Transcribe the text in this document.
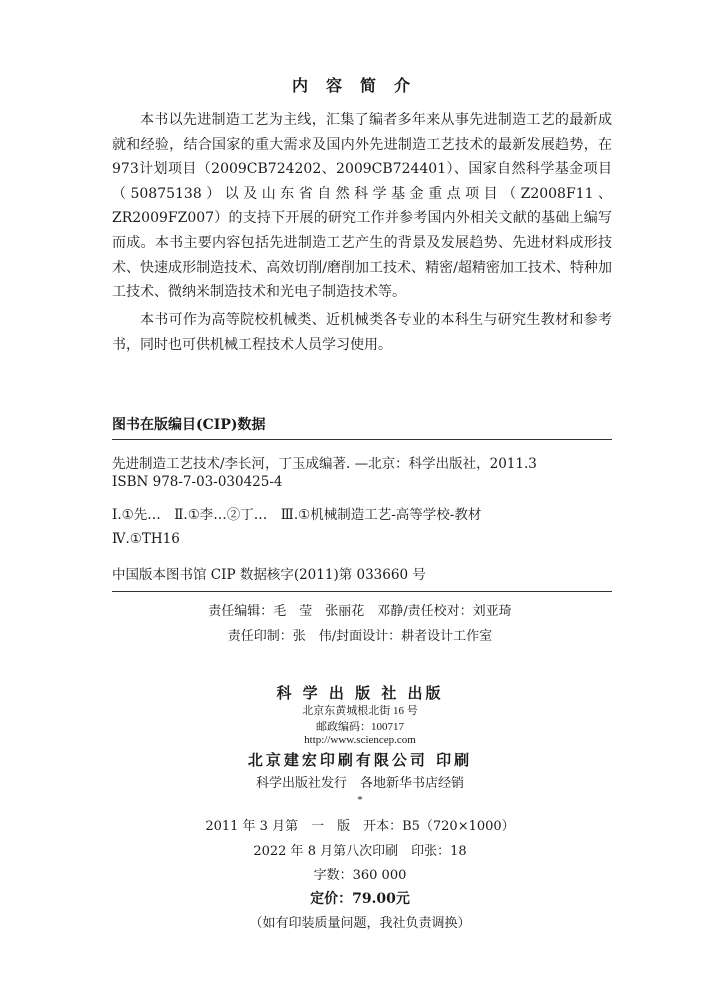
内容简介
本书以先进制造工艺为主线，汇集了编者多年来从事先进制造工艺的最新成就和经验，结合国家的重大需求及国内外先进制造工艺技术的最新发展趋势，在973计划项目（2009CB724202、2009CB724401）、国家自然科学基金项目（50875138）以及山东省自然科学基金重点项目（Z2008F11、ZR2009FZ007）的支持下开展的研究工作并参考国内外相关文献的基础上编写而成。本书主要内容包括先进制造工艺产生的背景及发展趋势、先进材料成形技术、快速成形制造技术、高效切削/磨削加工技术、精密/超精密加工技术、特种加工技术、微纳米制造技术和光电子制造技术等。
本书可作为高等院校机械类、近机械类各专业的本科生与研究生教材和参考书，同时也可供机械工程技术人员学习使用。
图书在版编目(CIP)数据
先进制造工艺技术/李长河，丁玉成编著. —北京：科学出版社，2011.3
ISBN 978-7-03-030425-4
Ⅰ.①先…　Ⅱ.①李…②丁…　Ⅲ.①机械制造工艺-高等学校-教材
Ⅳ.①TH16
中国版本图书馆 CIP 数据核字(2011)第 033660 号
责任编辑：毛　莹　张丽花　邓静/责任校对：刘亚琦
责任印制：张　伟/封面设计：耕者设计工作室
科 学 出 版 社 出版
北京东黄城根北街 16 号
邮政编码：100717
http://www.sciencep.com
北京建宏印刷有限公司 印刷
科学出版社发行　各地新华书店经销
*
2011 年 3 月第　一　版　开本：B5（720×1000）
2022 年 8 月第八次印刷　印张：18
字数：360 000
定价：79.00元
（如有印装质量问题，我社负责调换）
